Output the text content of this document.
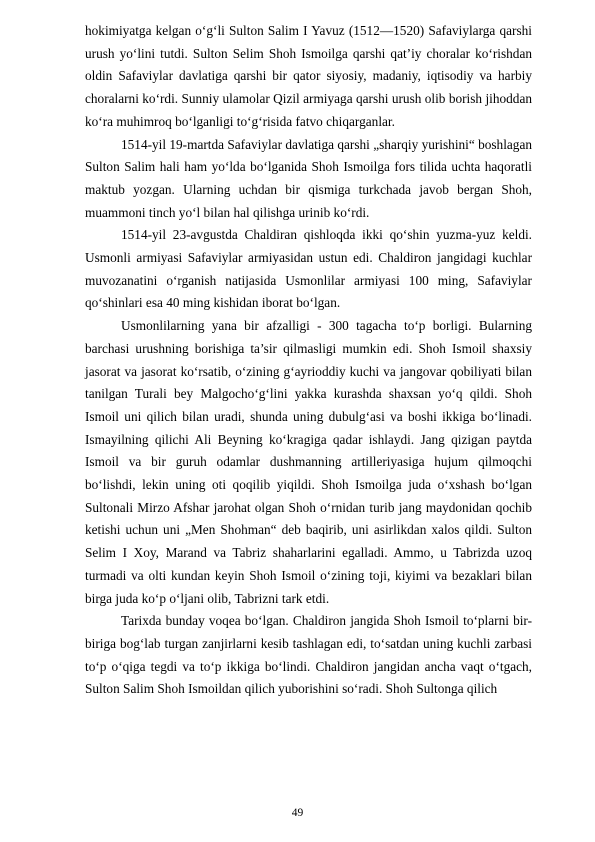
hokimiyatga kelgan o‘g‘li Sulton Salim I Yavuz (1512—1520) Safaviylarga qarshi urush yo‘lini tutdi. Sulton Selim Shoh Ismoilga qarshi qat’iy choralar ko‘rishdan oldin Safaviylar davlatiga qarshi bir qator siyosiy, madaniy, iqtisodiy va harbiy choralarni ko‘rdi. Sunniy ulamolar Qizil armiyaga qarshi urush olib borish jihoddan ko‘ra muhimroq bo‘lganligi to‘g‘risida fatvo chiqarganlar.

1514-yil 19-martda Safaviylar davlatiga qarshi „sharqiy yurishini“ boshlagan Sulton Salim hali ham yo‘lda bo‘lganida Shoh Ismoilga fors tilida uchta haqoratli maktub yozgan. Ularning uchdan bir qismiga turkchada javob bergan Shoh, muammoni tinch yo‘l bilan hal qilishga urinib ko‘rdi.

1514-yil 23-avgustda Chaldiran qishloqda ikki qo‘shin yuzma-yuz keldi. Usmonli armiyasi Safaviylar armiyasidan ustun edi. Chaldiron jangidagi kuchlar muvozanatini o‘rganish natijasida Usmonlilar armiyasi 100 ming, Safaviylar qo‘shinlari esa 40 ming kishidan iborat bo‘lgan.

Usmonlilarning yana bir afzalligi - 300 tagacha to‘p borligi. Bularning barchasi urushning borishiga ta’sir qilmasligi mumkin edi. Shoh Ismoil shaxsiy jasorat va jasorat ko‘rsatib, o‘zining g‘ayrioddiy kuchi va jangovar qobiliyati bilan tanilgan Turali bey Malgocho‘g‘lini yakka kurashda shaxsan yo‘q qildi. Shoh Ismoil uni qilich bilan uradi, shunda uning dubulg‘asi va boshi ikkiga bo‘linadi. Ismayilning qilichi Ali Beyning ko‘kragiga qadar ishlaydi. Jang qizigan paytda Ismoil va bir guruh odamlar dushmanning artilleriyasiga hujum qilmoqchi bo‘lishdi, lekin uning oti qoqilib yiqildi. Shoh Ismoilga juda o‘xshash bo‘lgan Sultonali Mirzo Afshar jarohat olgan Shoh o‘rnidan turib jang maydonidan qochib ketishi uchun uni „Men Shohman“ deb baqirib, uni asirlikdan xalos qildi. Sulton Selim I Xoy, Marand va Tabriz shaharlarini egalladi. Ammo, u Tabrizda uzoq turmadi va olti kundan keyin Shoh Ismoil o‘zining toji, kiyimi va bezaklari bilan birga juda ko‘p o‘ljani olib, Tabrizni tark etdi.

Tarixda bunday voqea bo‘lgan. Chaldiron jangida Shoh Ismoil to‘plarni bir-biriga bog‘lab turgan zanjirlarni kesib tashlagan edi, to‘satdan uning kuchli zarbasi to‘p o‘qiga tegdi va to‘p ikkiga bo‘lindi. Chaldiron jangidan ancha vaqt o‘tgach, Sulton Salim Shoh Ismoildan qilich yuborishini so‘radi. Shoh Sultonga qilich

49
